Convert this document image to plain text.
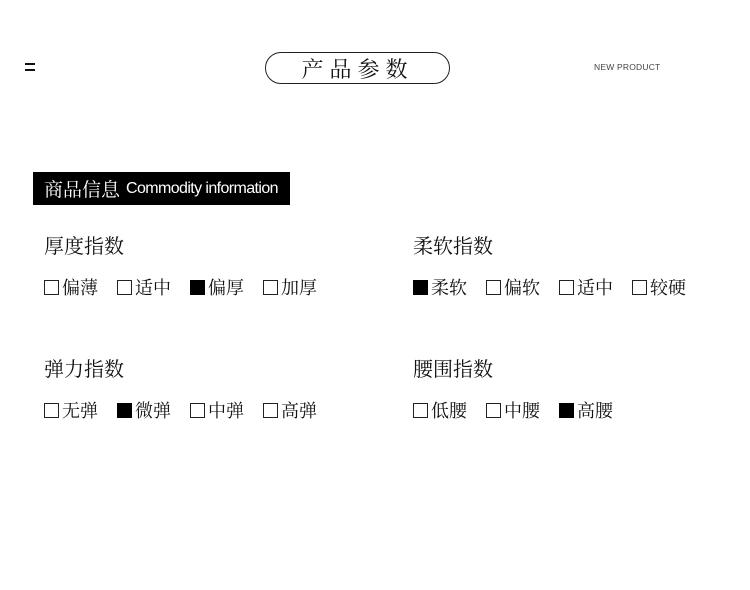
产品参数	NEW PRODUCT
商品信息 Commodity information
厚度指数
偏薄 适中 偏厚 加厚
柔软指数
柔软 偏软 适中 较硬
弹力指数
无弹 微弹 中弹 高弹
腰围指数
低腰 中腰 高腰
